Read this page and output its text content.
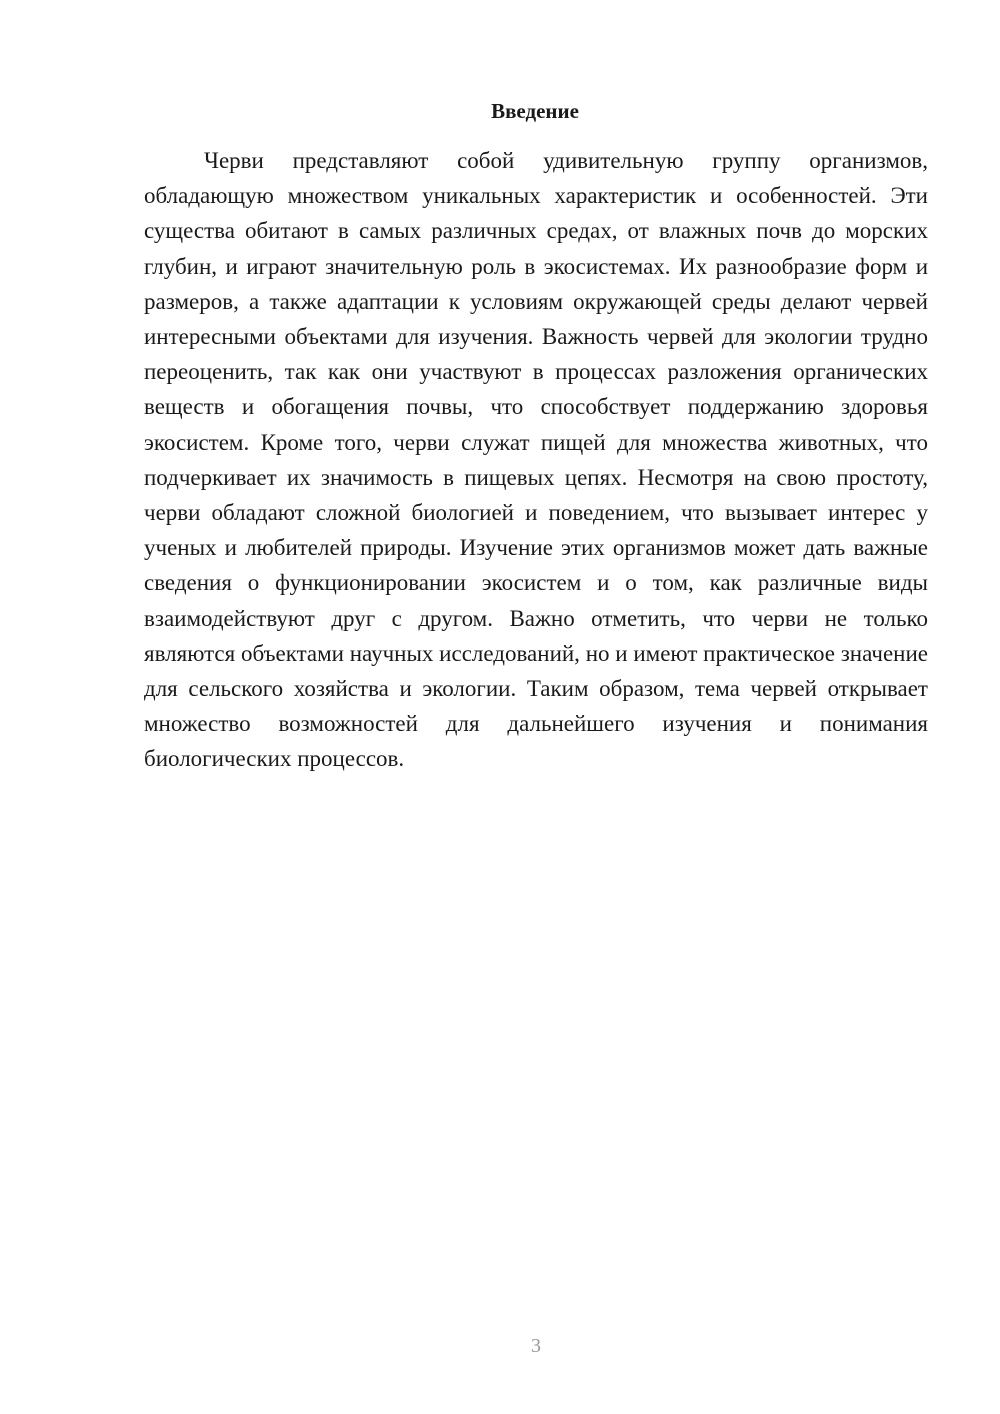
Введение

Черви представляют собой удивительную группу организмов, обладающую множеством уникальных характеристик и особенностей. Эти существа обитают в самых различных средах, от влажных почв до морских глубин, и играют значительную роль в экосистемах. Их разнообразие форм и размеров, а также адаптации к условиям окружающей среды делают червей интересными объектами для изучения. Важность червей для экологии трудно переоценить, так как они участвуют в процессах разложения органических веществ и обогащения почвы, что способствует поддержанию здоровья экосистем. Кроме того, черви служат пищей для множества животных, что подчеркивает их значимость в пищевых цепях. Несмотря на свою простоту, черви обладают сложной биологией и поведением, что вызывает интерес у ученых и любителей природы. Изучение этих организмов может дать важные сведения о функционировании экосистем и о том, как различные виды взаимодействуют друг с другом. Важно отметить, что черви не только являются объектами научных исследований, но и имеют практическое значение для сельского хозяйства и экологии. Таким образом, тема червей открывает множество возможностей для дальнейшего изучения и понимания биологических процессов.

3
